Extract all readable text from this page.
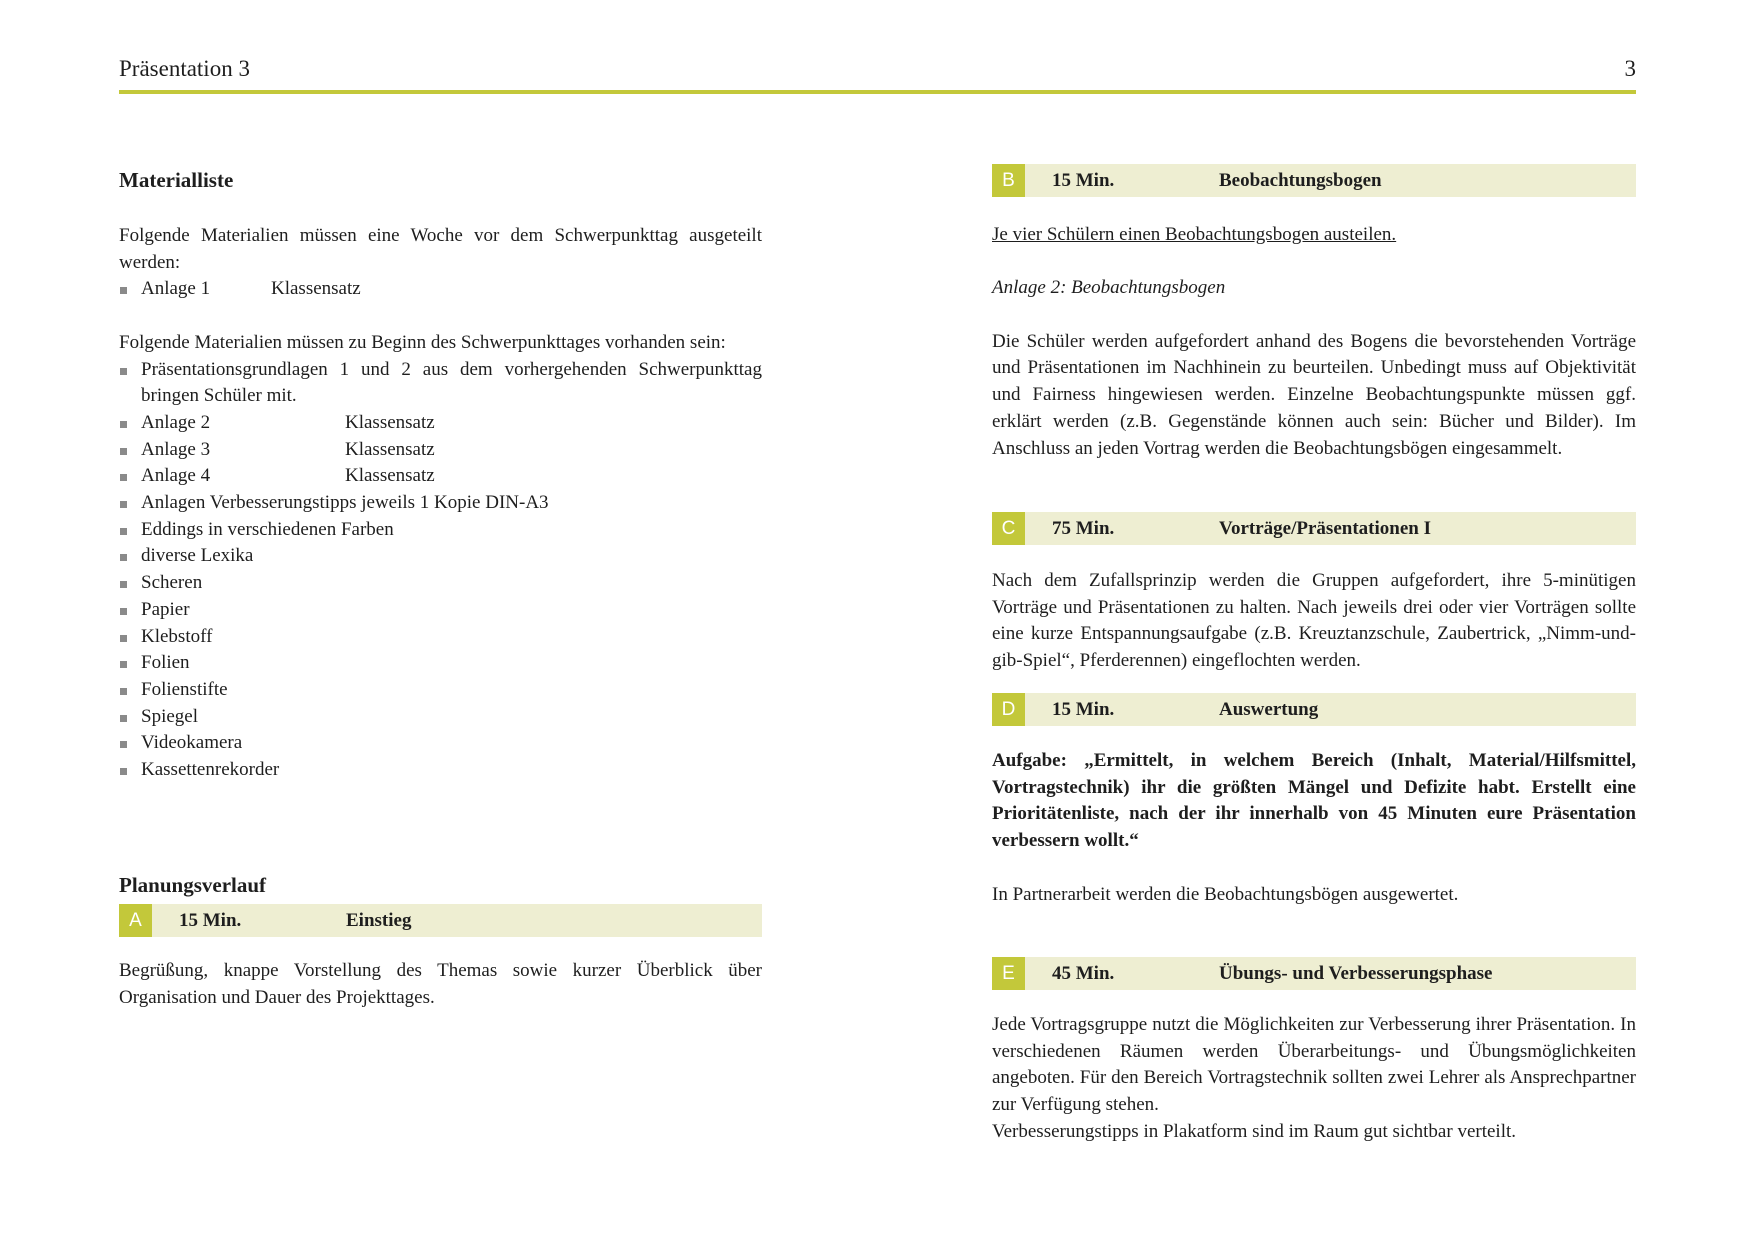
Präsentation 3	3
Materialliste
Folgende Materialien müssen eine Woche vor dem Schwerpunkttag ausgeteilt werden:
Anlage 1	Klassensatz
Folgende Materialien müssen zu Beginn des Schwerpunkttages vorhanden sein:
Präsentationsgrundlagen 1 und 2 aus dem vorhergehenden Schwerpunkttag bringen Schüler mit.
Anlage 2	Klassensatz
Anlage 3	Klassensatz
Anlage 4	Klassensatz
Anlagen Verbesserungstipps jeweils 1 Kopie DIN-A3
Eddings in verschiedenen Farben
diverse Lexika
Scheren
Papier
Klebstoff
Folien
Folienstifte
Spiegel
Videokamera
Kassettenrekorder
Planungsverlauf
A	15 Min.	Einstieg
Begrüßung, knappe Vorstellung des Themas sowie kurzer Überblick über Organisation und Dauer des Projekttages.
B	15 Min.	Beobachtungsbogen
Je vier Schülern einen Beobachtungsbogen austeilen.
Anlage 2: Beobachtungsbogen
Die Schüler werden aufgefordert anhand des Bogens die bevorstehenden Vorträge und Präsentationen im Nachhinein zu beurteilen. Unbedingt muss auf Objektivität und Fairness hingewiesen werden. Einzelne Beobachtungspunkte müssen ggf. erklärt werden (z.B. Gegenstände können auch sein: Bücher und Bilder). Im Anschluss an jeden Vortrag werden die Beobachtungsbögen eingesammelt.
C	75 Min.	Vorträge/Präsentationen I
Nach dem Zufallsprinzip werden die Gruppen aufgefordert, ihre 5-minütigen Vorträge und Präsentationen zu halten. Nach jeweils drei oder vier Vorträgen sollte eine kurze Entspannungsaufgabe (z.B. Kreuztanzschule, Zaubertrick, „Nimm-und-gib-Spiel“, Pferderennen) eingeflochten werden.
D	15 Min.	Auswertung
Aufgabe: „Ermittelt, in welchem Bereich (Inhalt, Material/Hilfsmittel, Vortragstechnik) ihr die größten Mängel und Defizite habt. Erstellt eine Prioritätenliste, nach der ihr innerhalb von 45 Minuten eure Präsentation verbessern wollt.“
In Partnerarbeit werden die Beobachtungsbögen ausgewertet.
E	45 Min.	Übungs- und Verbesserungsphase
Jede Vortragsgruppe nutzt die Möglichkeiten zur Verbesserung ihrer Präsentation. In verschiedenen Räumen werden Überarbeitungs- und Übungsmöglichkeiten angeboten. Für den Bereich Vortragstechnik sollten zwei Lehrer als Ansprechpartner zur Verfügung stehen.
Verbesserungstipps in Plakatform sind im Raum gut sichtbar verteilt.
